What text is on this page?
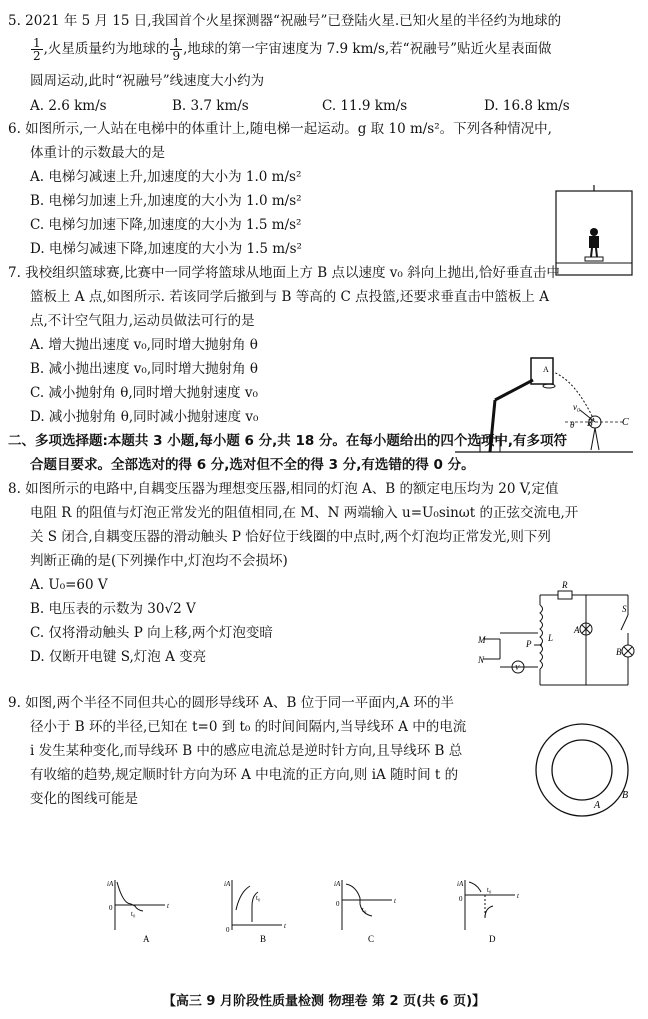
5. 2021 年 5 月 15 日,我国首个火星探测器“祝融号”已登陆火星.已知火星的半径约为地球的
$\frac{1}{2}$ ,火星质量约为地球的 $\frac{1}{9}$ ,地球的第一宇宙速度为 7.9 km/s,若“祝融号”贴近火星表面做
圆周运动,此时“祝融号”线速度大小约为
A. 2.6 km/s	B. 3.7 km/s	C. 11.9 km/s	D. 16.8 km/s
6. 如图所示,一人站在电梯中的体重计上,随电梯一起运动。g 取 10 m/s²。下列各种情况中,
体重计的示数最大的是
A. 电梯匀减速上升,加速度的大小为 1.0 m/s²
B. 电梯匀加速上升,加速度的大小为 1.0 m/s²
C. 电梯匀加速下降,加速度的大小为 1.5 m/s²
D. 电梯匀减速下降,加速度的大小为 1.5 m/s²
7. 我校组织篮球赛,比赛中一同学将篮球从地面上方 B 点以速度 v₀ 斜向上抛出,恰好垂直击中
篮板上 A 点,如图所示. 若该同学后撤到与 B 等高的 C 点投篮,还要求垂直击中篮板上 A
点,不计空气阻力,运动员做法可行的是
A. 增大抛出速度 v₀,同时增大抛射角 θ
B. 减小抛出速度 v₀,同时增大抛射角 θ
C. 减小抛射角 θ,同时增大抛射速度 v₀
D. 减小抛射角 θ,同时减小抛射速度 v₀
A
v₀
θ B	C
二、多项选择题:本题共 3 小题,每小题 6 分,共 18 分。在每小题给出的四个选项中,有多项符
合题目要求。全部选对的得 6 分,选对但不全的得 3 分,有选错的得 0 分。
8. 如图所示的电路中,自耦变压器为理想变压器,相同的灯泡 A、B 的额定电压均为 20 V,定值
电阻 R 的阻值与灯泡正常发光的阻值相同,在 M、N 两端输入 u=U₀sinωt 的正弦交流电,开
关 S 闭合,自耦变压器的滑动触头 P 恰好位于线圈的中点时,两个灯泡均正常发光,则下列
判断正确的是(下列操作中,灯泡均不会损坏)
A. U₀=60 V
B. 电压表的示数为 30√2 V
C. 仅将滑动触头 P 向上移,两个灯泡变暗
D. 仅断开电键 S,灯泡 A 变亮
M
N
V
P
L
R
A
B
S
9. 如图,两个半径不同但共心的圆形导线环 A、B 位于同一平面内,A 环的半
径小于 B 环的半径,已知在 t=0 到 t₀ 的时间间隔内,当导线环 A 中的电流
i 发生某种变化,而导线环 B 中的感应电流总是逆时针方向,且导线环 B 总
有收缩的趋势,规定顺时针方向为环 A 中电流的正方向,则 iA 随时间 t 的
变化的图线可能是	A
B
iA
t
0
t₀
A
iA
t
0
t₀
B
iA
t
0
t₀
C
iA
t
0
t₀
D
【高三 9 月阶段性质量检测 物理卷 第 2 页(共 6 页)】
